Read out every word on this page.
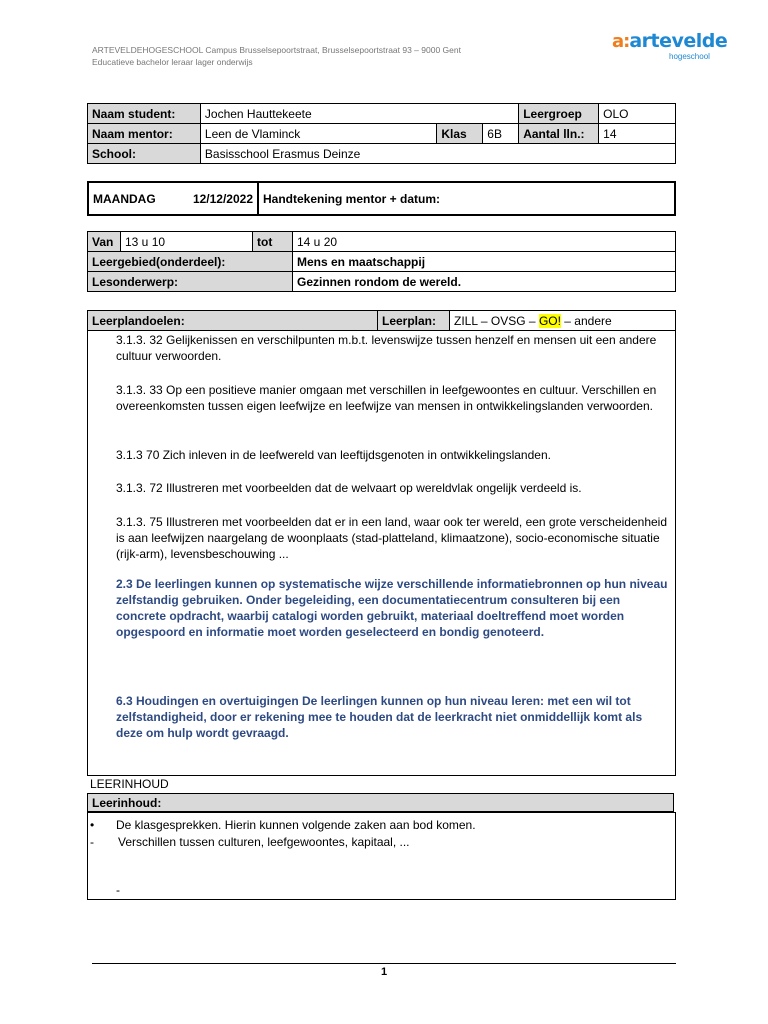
ARTEVELDEHOGESCHOOL Campus Brusselsepoortstraat, Brusselsepoortstraat 93 – 9000 Gent
Educatieve bachelor leraar lager onderwijs
a:artevelde
hogeschool
Naam student:	Jochen Hauttekeete			Leergroep	OLO
Naam mentor:	Leen de Vlaminck	Klas	6B	Aantal lln.:	14
School:	Basisschool Erasmus Deinze				
MAANDAG	12/12/2022	Handtekening mentor + datum:
Van	13 u 10	tot	14 u 20
Leergebied(onderdeel):			Mens en maatschappij
Lesonderwerp:			Gezinnen rondom de wereld.
Leerplandoelen:	Leerplan:	ZILL – OVSG – GO! – andere
3.1.3. 32 Gelijkenissen en verschilpunten m.b.t. levenswijze tussen henzelf en mensen uit een andere cultuur verwoorden.
3.1.3. 33 Op een positieve manier omgaan met verschillen in leefgewoontes en cultuur. Verschillen en overeenkomsten tussen eigen leefwijze en leefwijze van mensen in ontwikkelingslanden verwoorden.
3.1.3 70 Zich inleven in de leefwereld van leeftijdsgenoten in ontwikkelingslanden.
3.1.3. 72 Illustreren met voorbeelden dat de welvaart op wereldvlak ongelijk verdeeld is.
3.1.3. 75 Illustreren met voorbeelden dat er in een land, waar ook ter wereld, een grote verscheidenheid is aan leefwijzen naargelang de woonplaats (stad-platteland, klimaatzone), socio-economische situatie (rijk-arm), levensbeschouwing ...
2.3 De leerlingen kunnen op systematische wijze verschillende informatiebronnen op hun niveau zelfstandig gebruiken. Onder begeleiding, een documentatiecentrum consulteren bij een concrete opdracht, waarbij catalogi worden gebruikt, materiaal doeltreffend moet worden opgespoord en informatie moet worden geselecteerd en bondig genoteerd.
6.3 Houdingen en overtuigingen De leerlingen kunnen op hun niveau leren: met een wil tot zelfstandigheid, door er rekening mee te houden dat de leerkracht niet onmiddellijk komt als deze om hulp wordt gevraagd.
LEERINHOUD
Leerinhoud:
• De klasgesprekken. Hierin kunnen volgende zaken aan bod komen.
- Verschillen tussen culturen, leefgewoontes, kapitaal, ...
-
1
